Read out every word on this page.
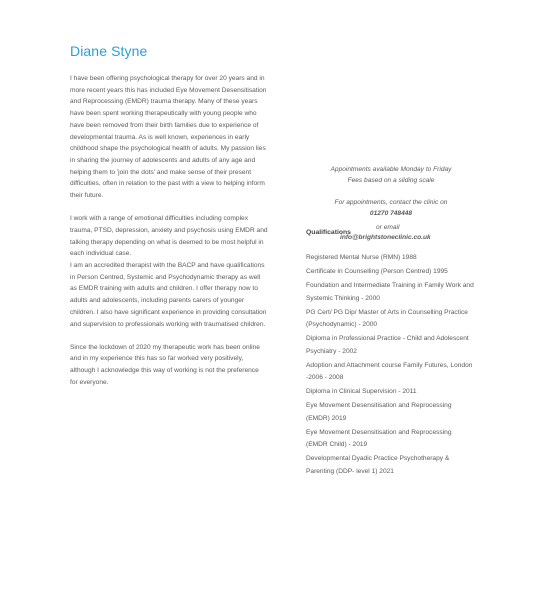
Diane Styne

I have been offering psychological therapy for over 20 years and in more recent years this has included Eye Movement Desensitisation and Reprocessing (EMDR) trauma therapy. Many of these years have been spent working therapeutically with young people who have been removed from their birth families due to experience of developmental trauma. As is well known, experiences in early childhood shape the psychological health of adults. My passion lies in sharing the journey of adolescents and adults of any age and helping them to 'join the dots' and make sense of their present difficulties, often in relation to the past with a view to helping inform their future.

I work with a range of emotional difficulties including complex trauma, PTSD, depression, anxiety and psychosis using EMDR and talking therapy depending on what is deemed to be most helpful in each individual case.
I am an accredited therapist with the BACP and have qualifications in Person Centred, Systemic and Psychodynamic therapy as well as EMDR training with adults and children. I offer therapy now to adults and adolescents, including parents carers of younger children. I also have significant experience in providing consultation and supervision to professionals working with traumatised children.

Since the lockdown of 2020 my therapeutic work has been online and in my experience this has so far worked very positively, although I acknowledge this way of working is not the preference for everyone.

Appointments available Monday to Friday
Fees based on a sliding scale
For appointments, contact the clinic on
01270 748448
or email
Qualifications
info@brightstoneclinic.co.uk
Registered Mental Nurse (RMN) 1988
Certificate in Counselling (Person Centred) 1995
Foundation and Intermediate Training in Family Work and Systemic Thinking - 2000
PG Cert/ PG Dip/ Master of Arts in Counselling Practice (Psychodynamic) - 2000
Diploma in Professional Practice - Child and Adolescent Psychiatry - 2002
Adoption and Attachment course Family Futures, London -2006 - 2008
Diploma in Clinical Supervision - 2011
Eye Movement Desensitisation and Reprocessing (EMDR) 2019
Eye Movement Desensitisation and Reprocessing (EMDR Child) - 2019
Developmental Dyadic Practice Psychotherapy & Parenting (DDP- level 1) 2021
